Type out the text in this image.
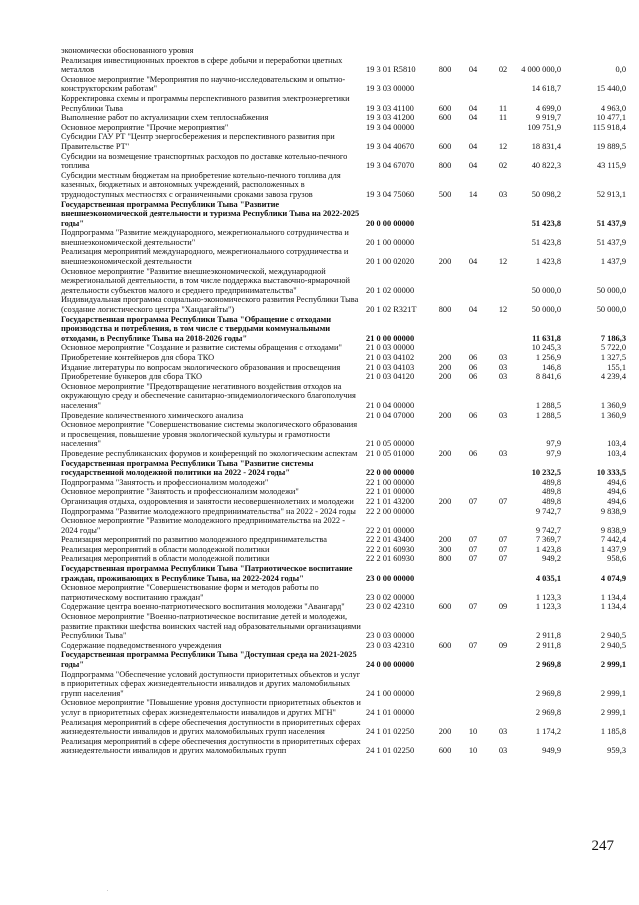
экономически обоснованного уровня
Реализация инвестиционных проектов в сфере добычи и переработки цветных металлов	19 3 01 R5810	800	04	02	4 000 000,0	0,0
Основное мероприятие "Мероприятия по научно-исследовательским и опытно-конструкторским работам"	19 3 03 00000	14 618,7	15 440,0
Корректировка схемы и программы перспективного развития электроэнергетики Республики Тыва	19 3 03 41100	600	04	11	4 699,0	4 963,0
Выполнение работ по актуализации схем теплоснабжения	19 3 03 41200	600	04	11	9 919,7	10 477,1
Основное мероприятие "Прочие мероприятия"	19 3 04 00000	109 751,9	115 918,4
Субсидии ГАУ РТ "Центр энергосбережения и перспективного развития при Правительстве РТ"	19 3 04 40670	600	04	12	18 831,4	19 889,5
Субсидии на возмещение транспортных расходов по доставке котельно-печного топлива	19 3 04 67070	800	04	02	40 822,3	43 115,9
Субсидии местным бюджетам на приобретение котельно-печного топлива для казенных, бюджетных и автономных учреждений, расположенных в труднодоступных местностях с ограниченными сроками завоза грузов	19 3 04 75060	500	14	03	50 098,2	52 913,1
Государственная программа Республики Тыва "Развитие внешнеэкономической деятельности и туризма Республики Тыва на 2022-2025 годы"	20 0 00 00000	51 423,8	51 437,9
Подпрограмма "Развитие международного, межрегионального сотрудничества и внешнеэкономической деятельности"	20 1 00 00000	51 423,8	51 437,9
Реализация мероприятий международного, межрегионального сотрудничества и внешнеэкономической деятельности	20 1 00 02020	200	04	12	1 423,8	1 437,9
Основное мероприятие "Развитие внешнеэкономической, международной межрегиональной деятельности, в том числе поддержка выставочно-ярмарочной деятельности субъектов малого и среднего предпринимательства"	20 1 02 00000	50 000,0	50 000,0
Индивидуальная программа социально-экономического развития Республики Тыва (создание логистического центра "Хандагайты")	20 1 02 R321T	800	04	12	50 000,0	50 000,0
Государственная программа Республики Тыва "Обращение с отходами производства и потребления, в том числе с твердыми коммунальными отходами, в Республике Тыва на 2018-2026 годы"	21 0 00 00000	11 631,8	7 186,3
Основное мероприятие "Создание и развитие системы обращения с отходами"	21 0 03 00000	10 245,3	5 722,0
Приобретение контейнеров для сбора ТКО	21 0 03 04102	200	06	03	1 256,9	1 327,5
Издание литературы по вопросам экологического образования и просвещения	21 0 03 04103	200	06	03	146,8	155,1
Приобретение бункеров для сбора ТКО	21 0 03 04120	200	06	03	8 841,6	4 239,4
Основное мероприятие "Предотвращение негативного воздействия отходов на окружающую среду и обеспечение санитарно-эпидемиологического благополучия населения"	21 0 04 00000	1 288,5	1 360,9
Проведение количественного химического анализа	21 0 04 07000	200	06	03	1 288,5	1 360,9
Основное мероприятие "Совершенствование системы экологического образования и просвещения, повышение уровня экологической культуры и грамотности населения"	21 0 05 00000	97,9	103,4
Проведение республиканских форумов и конференций по экологическим аспектам	21 0 05 01000	200	06	03	97,9	103,4
Государственная программа Республики Тыва "Развитие системы государственной молодежной политики на 2022 - 2024 годы"	22 0 00 00000	10 232,5	10 333,5
Подпрограмма "Занятость и профессионализм молодежи"	22 1 00 00000	489,8	494,6
Основное мероприятие "Занятость и профессионализм молодежи"	22 1 01 00000	489,8	494,6
Организация отдыха, оздоровления и занятости несовершеннолетних и молодежи	22 1 01 43200	200	07	07	489,8	494,6
Подпрограмма "Развитие молодежного предпринимательства" на 2022 - 2024 годы	22 2 00 00000	9 742,7	9 838,9
Основное мероприятие "Развитие молодежного предпринимательства на 2022 - 2024 годы"	22 2 01 00000	9 742,7	9 838,9
Реализация мероприятий по развитию молодежного предпринимательства	22 2 01 43400	200	07	07	7 369,7	7 442,4
Реализация мероприятий в области молодежной политики	22 2 01 60930	300	07	07	1 423,8	1 437,9
Реализация мероприятий в области молодежной политики	22 2 01 60930	800	07	07	949,2	958,6
Государственная программа Республики Тыва "Патриотическое воспитание граждан, проживающих в Республике Тыва, на 2022-2024 годы"	23 0 00 00000	4 035,1	4 074,9
Основное мероприятие "Совершенствование форм и методов работы по патриотическому воспитанию граждан"	23 0 02 00000	1 123,3	1 134,4
Содержание центра военно-патриотического воспитания молодежи "Авангард"	23 0 02 42310	600	07	09	1 123,3	1 134,4
Основное мероприятие "Военно-патриотическое воспитание детей и молодежи, развитие практики шефства воинских частей над образовательными организациями Республики Тыва"	23 0 03 00000	2 911,8	2 940,5
Содержание подведомственного учреждения	23 0 03 42310	600	07	09	2 911,8	2 940,5
Государственная программа Республики Тыва "Доступная среда на 2021-2025 годы"	24 0 00 00000	2 969,8	2 999,1
Подпрограмма "Обеспечение условий доступности приоритетных объектов и услуг в приоритетных сферах жизнедеятельности инвалидов и других маломобильных групп населения"	24 1 00 00000	2 969,8	2 999,1
Основное мероприятие "Повышение уровня доступности приоритетных объектов и услуг в приоритетных сферах жизнедеятельности инвалидов и других МГН"	24 1 01 00000	2 969,8	2 999,1
Реализация мероприятий в сфере обеспечения доступности в приоритетных сферах жизнедеятельности инвалидов и других маломобильных групп населения	24 1 01 02250	200	10	03	1 174,2	1 185,8
Реализация мероприятий в сфере обеспечения доступности в приоритетных сферах жизнедеятельности инвалидов и других маломобильных групп	24 1 01 02250	600	10	03	949,9	959,3
247
